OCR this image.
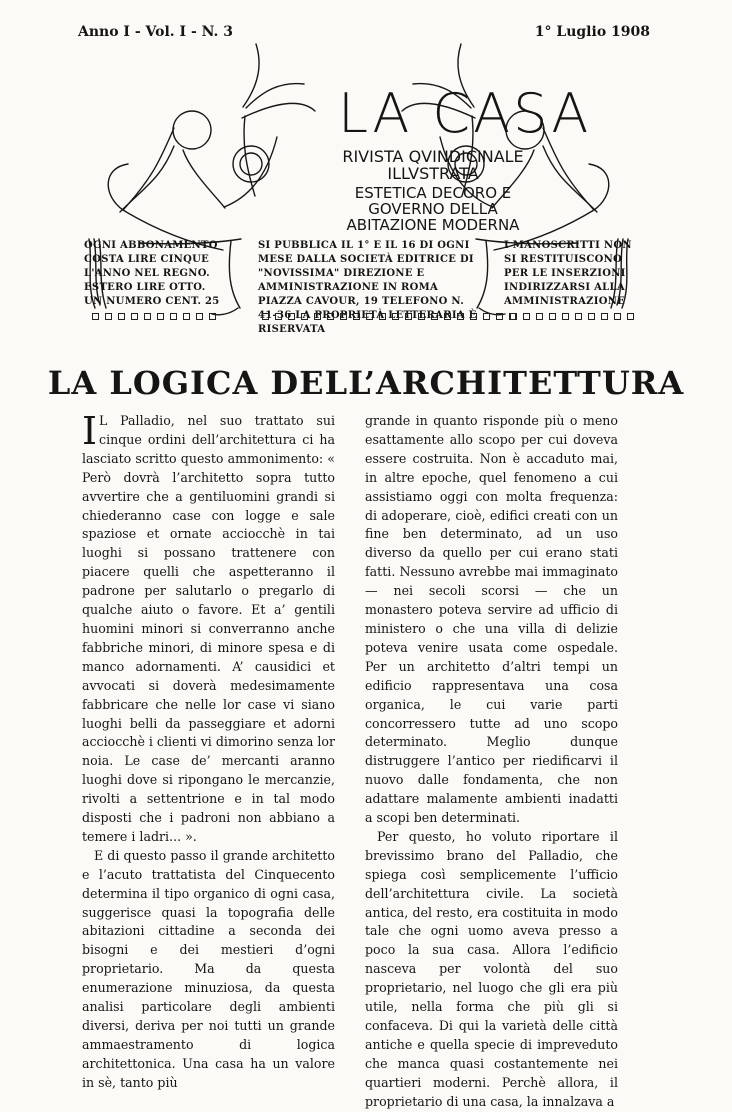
Anno I - Vol. I - N. 3	1° Luglio 1908
LA CASA
RIVISTA QVINDICINALE ILLVSTRATA
ESTETICA DECORO E GOVERNO DELLA ABITAZIONE MODERNA
OGNI ABBONAMENTO COSTA LIRE CINQUE L'ANNO NEL REGNO. ESTERO LIRE OTTO. UN NUMERO CENT. 25
SI PUBBLICA IL 1° E IL 16 DI OGNI MESE DALLA SOCIETÀ EDITRICE DI "NOVISSIMA" DIREZIONE E AMMINISTRAZIONE IN ROMA PIAZZA CAVOUR, 19 TELEFONO N. 41-36 LA PROPRIETÀ LETTERARIA È RISERVATA
I MANOSCRITTI NON SI RESTITUISCONO PER LE INSERZIONI INDIRIZZARSI ALLA AMMINISTRAZIONE
LA LOGICA DELL’ARCHITETTURA

I L Palladio, nel suo trattato sui cinque ordini dell’architettura ci ha lasciato scritto questo ammonimento: « Però dovrà l’architetto sopra tutto avvertire che a gentiluomini grandi si chiederanno case con logge e sale spaziose et ornate acciocchè in tai luoghi si possano trattenere con piacere quelli che aspetteranno il padrone per salutarlo o pregarlo di qualche aiuto o favore. Et a’ gentili huomini minori si converranno anche fabbriche minori, di minore spesa e di manco adornamenti. A’ causidici et avvocati si doverà medesimamente fabbricare che nelle lor case vi siano luoghi belli da passeggiare et adorni acciocchè i clienti vi dimorino senza lor noia. Le case de’ mercanti aranno luoghi dove si ripongano le mercanzie, rivolti a settentrione e in tal modo disposti che i padroni non abbiano a temere i ladri... ».

E di questo passo il grande architetto e l’acuto trattatista del Cinquecento determina il tipo organico di ogni casa, suggerisce quasi la topografia delle abitazioni cittadine a seconda dei bisogni e dei mestieri d’ogni proprietario. Ma da questa enumerazione minuziosa, da questa analisi particolare degli ambienti diversi, deriva per noi tutti un grande ammaestramento di logica architettonica. Una casa ha un valore in sè, tanto più

grande in quanto risponde più o meno esattamente allo scopo per cui doveva essere costruita. Non è accaduto mai, in altre epoche, quel fenomeno a cui assistiamo oggi con molta frequenza: di adoperare, cioè, edifici creati con un fine ben determinato, ad un uso diverso da quello per cui erano stati fatti. Nessuno avrebbe mai immaginato — nei secoli scorsi — che un monastero poteva servire ad ufficio di ministero o che una villa di delizie poteva venire usata come ospedale. Per un architetto d’altri tempi un edificio rappresentava una cosa organica, le cui varie parti concorressero tutte ad uno scopo determinato. Meglio dunque distruggere l’antico per riedificarvi il nuovo dalle fondamenta, che non adattare malamente ambienti inadatti a scopi ben determinati.

Per questo, ho voluto riportare il brevissimo brano del Palladio, che spiega così semplicemente l’ufficio dell’architettura civile. La società antica, del resto, era costituita in modo tale che ogni uomo aveva presso a poco la sua casa. Allora l’edificio nasceva per volontà del suo proprietario, nel luogo che gli era più utile, nella forma che più gli si confaceva. Di qui la varietà delle città antiche e quella specie di impreveduto che manca quasi costantemente nei quartieri moderni. Perchè allora, il proprietario di una casa, la innalzava a
